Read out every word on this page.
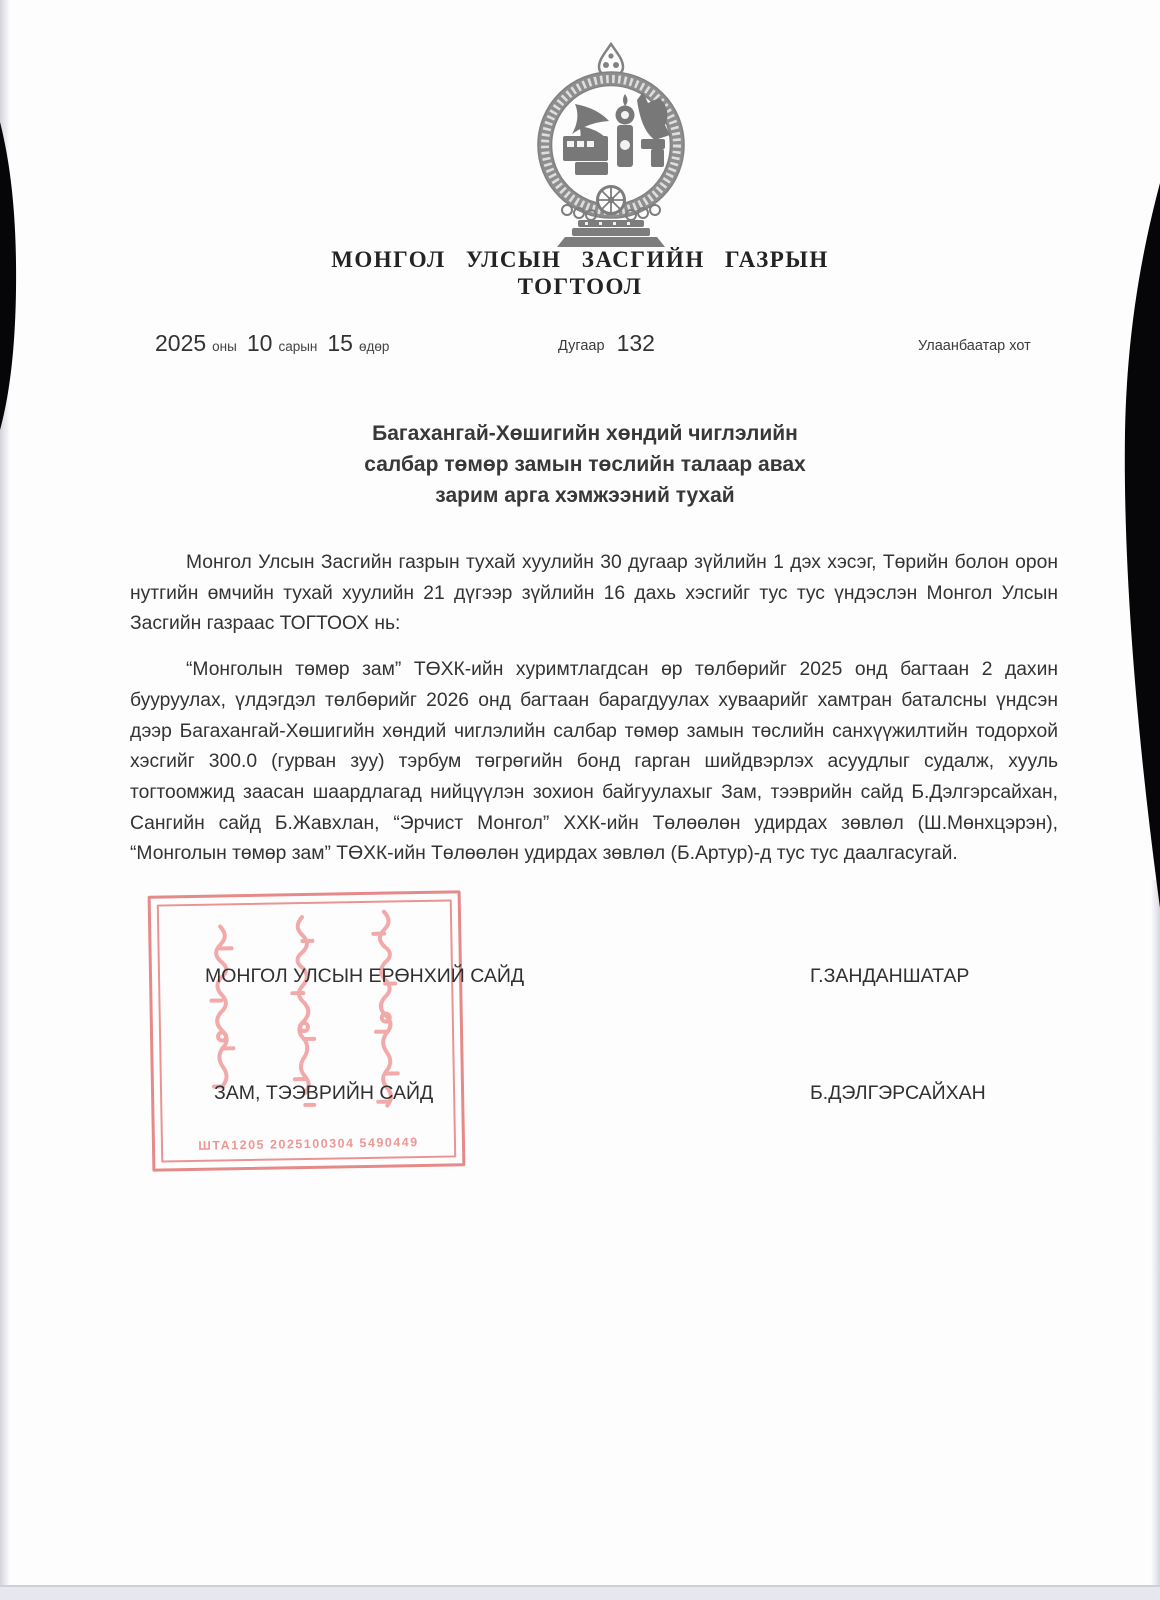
МОНГОЛ УЛСЫН ЗАСГИЙН ГАЗРЫН
ТОГТООЛ
2025 оны 10 сарын 15 өдөр	Дугаар 132	Улаанбаатар хот
Багахангай-Хөшигийн хөндий чиглэлийн салбар төмөр замын төслийн талаар авах зарим арга хэмжээний тухай

Монгол Улсын Засгийн газрын тухай хуулийн 30 дугаар зүйлийн 1 дэх хэсэг, Төрийн болон орон нутгийн өмчийн тухай хуулийн 21 дүгээр зүйлийн 16 дахь хэсгийг тус тус үндэслэн Монгол Улсын Засгийн газраас ТОГТООХ нь:

“Монголын төмөр зам” ТӨХК-ийн хуримтлагдсан өр төлбөрийг 2025 онд багтаан 2 дахин бууруулах, үлдэгдэл төлбөрийг 2026 онд багтаан барагдуулах хуваарийг хамтран баталсны үндсэн дээр Багахангай-Хөшигийн хөндий чиглэлийн салбар төмөр замын төслийн санхүүжилтийн тодорхой хэсгийг 300.0 (гурван зуу) тэрбум төгрөгийн бонд гарган шийдвэрлэх асуудлыг судалж, хууль тогтоомжид заасан шаардлагад нийцүүлэн зохион байгуулахыг Зам, тээврийн сайд Б.Дэлгэрсайхан, Сангийн сайд Б.Жавхлан, “Эрчист Монгол” ХХК-ийн Төлөөлөн удирдах зөвлөл (Ш.Мөнхцэрэн), “Монголын төмөр зам” ТӨХК-ийн Төлөөлөн удирдах зөвлөл (Б.Артур)-д тус тус даалгасугай.

ШТА1205 2025100304 5490449
МОНГОЛ УЛСЫН ЕРӨНХИЙ САЙД	Г.ЗАНДАНШАТАР
ЗАМ, ТЭЭВРИЙН САЙД	Б.ДЭЛГЭРСАЙХАН
